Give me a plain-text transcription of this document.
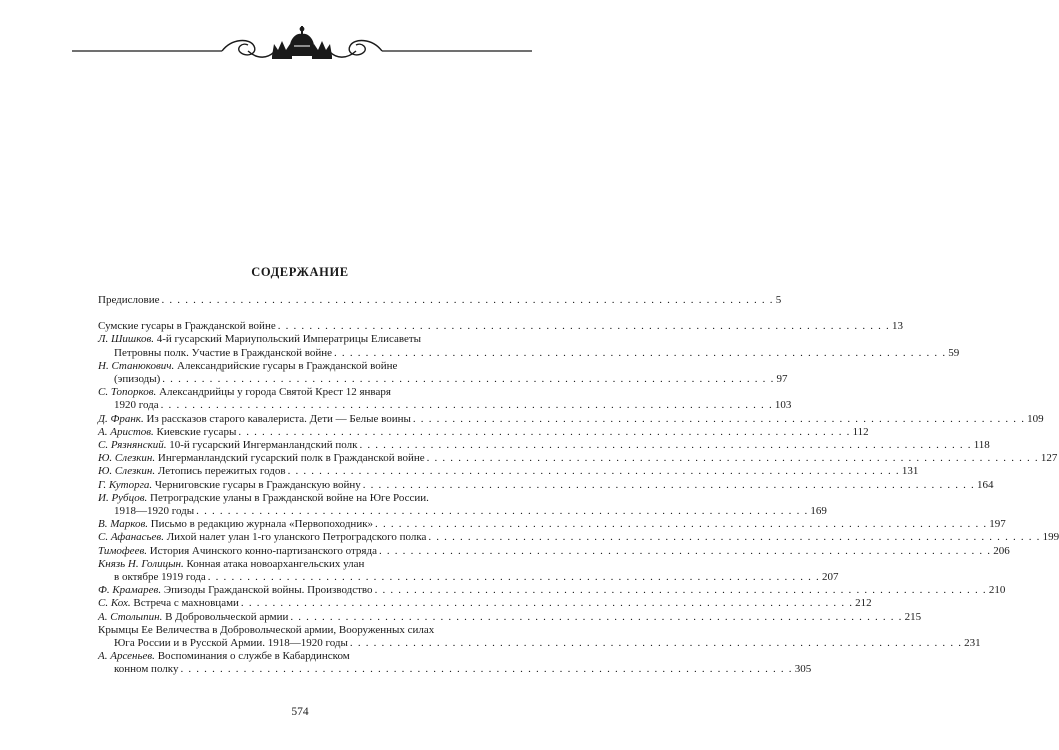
СОДЕРЖАНИЕ
Предисловие . . . . . . . . . . . . . . . . . . . . . . . . . . . . . . . . . . . . . . . . . . . . . . . . . . . . . . . . . . . . . . . . . . . . . . . . . . . . . . 5
Сумские гусары в Гражданской войне . . . . . . . . . . . . . . . . . . . . . . . . . . . . . . . . . . . . . . . . . . . . . . . . . . . . . . . . . . . . . . . . . . . . . . . . . . . . . . 13
Л. Шишков. 4-й гусарский Мариупольский Императрицы Елисаветы
Петровны полк. Участие в Гражданской войне . . . . . . . . . . . . . . . . . . . . . . . . . . . . . . . . . . . . . . . . . . . . . . . . . . . . . . . . . . . . . . . . . . . . . . . . . . . . . . 59
Н. Станюкович. Александрийские гусары в Гражданской войне
(эпизоды) . . . . . . . . . . . . . . . . . . . . . . . . . . . . . . . . . . . . . . . . . . . . . . . . . . . . . . . . . . . . . . . . . . . . . . . . . . . . . . 97
С. Топорков. Александрийцы у города Святой Крест 12 января
1920 года . . . . . . . . . . . . . . . . . . . . . . . . . . . . . . . . . . . . . . . . . . . . . . . . . . . . . . . . . . . . . . . . . . . . . . . . . . . . . . 103
Д. Франк. Из рассказов старого кавалериста. Дети — Белые воины . . . . . . . . . . . . . . . . . . . . . . . . . . . . . . . . . . . . . . . . . . . . . . . . . . . . . . . . . . . . . . . . . . . . . . . . . . . . . . 109
А. Аристов. Киевские гусары . . . . . . . . . . . . . . . . . . . . . . . . . . . . . . . . . . . . . . . . . . . . . . . . . . . . . . . . . . . . . . . . . . . . . . . . . . . . . . 112
С. Рязнянский. 10-й гусарский Ингерманландский полк . . . . . . . . . . . . . . . . . . . . . . . . . . . . . . . . . . . . . . . . . . . . . . . . . . . . . . . . . . . . . . . . . . . . . . . . . . . . . . 118
Ю. Слезкин. Ингерманландский гусарский полк в Гражданской войне . . . . . . . . . . . . . . . . . . . . . . . . . . . . . . . . . . . . . . . . . . . . . . . . . . . . . . . . . . . . . . . . . . . . . . . . . . . . . . 127
Ю. Слезкин. Летопись пережитых годов . . . . . . . . . . . . . . . . . . . . . . . . . . . . . . . . . . . . . . . . . . . . . . . . . . . . . . . . . . . . . . . . . . . . . . . . . . . . . . 131
Г. Куторга. Черниговские гусары в Гражданскую войну . . . . . . . . . . . . . . . . . . . . . . . . . . . . . . . . . . . . . . . . . . . . . . . . . . . . . . . . . . . . . . . . . . . . . . . . . . . . . . 164
И. Рубцов. Петроградские уланы в Гражданской войне на Юге России.
1918—1920 годы . . . . . . . . . . . . . . . . . . . . . . . . . . . . . . . . . . . . . . . . . . . . . . . . . . . . . . . . . . . . . . . . . . . . . . . . . . . . . . 169
В. Марков. Письмо в редакцию журнала «Первопоходник» . . . . . . . . . . . . . . . . . . . . . . . . . . . . . . . . . . . . . . . . . . . . . . . . . . . . . . . . . . . . . . . . . . . . . . . . . . . . . . 197
С. Афанасьев. Лихой налет улан 1-го уланского Петроградского полка . . . . . . . . . . . . . . . . . . . . . . . . . . . . . . . . . . . . . . . . . . . . . . . . . . . . . . . . . . . . . . . . . . . . . . . . . . . . . . 199
Тимофеев. История Ачинского конно-партизанского отряда . . . . . . . . . . . . . . . . . . . . . . . . . . . . . . . . . . . . . . . . . . . . . . . . . . . . . . . . . . . . . . . . . . . . . . . . . . . . . . 206
Князь Н. Голицын. Конная атака новоархангельских улан
в октябре 1919 года . . . . . . . . . . . . . . . . . . . . . . . . . . . . . . . . . . . . . . . . . . . . . . . . . . . . . . . . . . . . . . . . . . . . . . . . . . . . . . 207
Ф. Крамарев. Эпизоды Гражданской войны. Производство . . . . . . . . . . . . . . . . . . . . . . . . . . . . . . . . . . . . . . . . . . . . . . . . . . . . . . . . . . . . . . . . . . . . . . . . . . . . . . 210
С. Кох. Встреча с махновцами . . . . . . . . . . . . . . . . . . . . . . . . . . . . . . . . . . . . . . . . . . . . . . . . . . . . . . . . . . . . . . . . . . . . . . . . . . . . . . 212
А. Столыпин. В Добровольческой армии . . . . . . . . . . . . . . . . . . . . . . . . . . . . . . . . . . . . . . . . . . . . . . . . . . . . . . . . . . . . . . . . . . . . . . . . . . . . . . 215
Крымцы Ее Величества в Добровольческой армии, Вооруженных силах
Юга России и в Русской Армии. 1918—1920 годы . . . . . . . . . . . . . . . . . . . . . . . . . . . . . . . . . . . . . . . . . . . . . . . . . . . . . . . . . . . . . . . . . . . . . . . . . . . . . . 231
А. Арсеньев. Воспоминания о службе в Кабардинском
конном полку . . . . . . . . . . . . . . . . . . . . . . . . . . . . . . . . . . . . . . . . . . . . . . . . . . . . . . . . . . . . . . . . . . . . . . . . . . . . . . 305
574
